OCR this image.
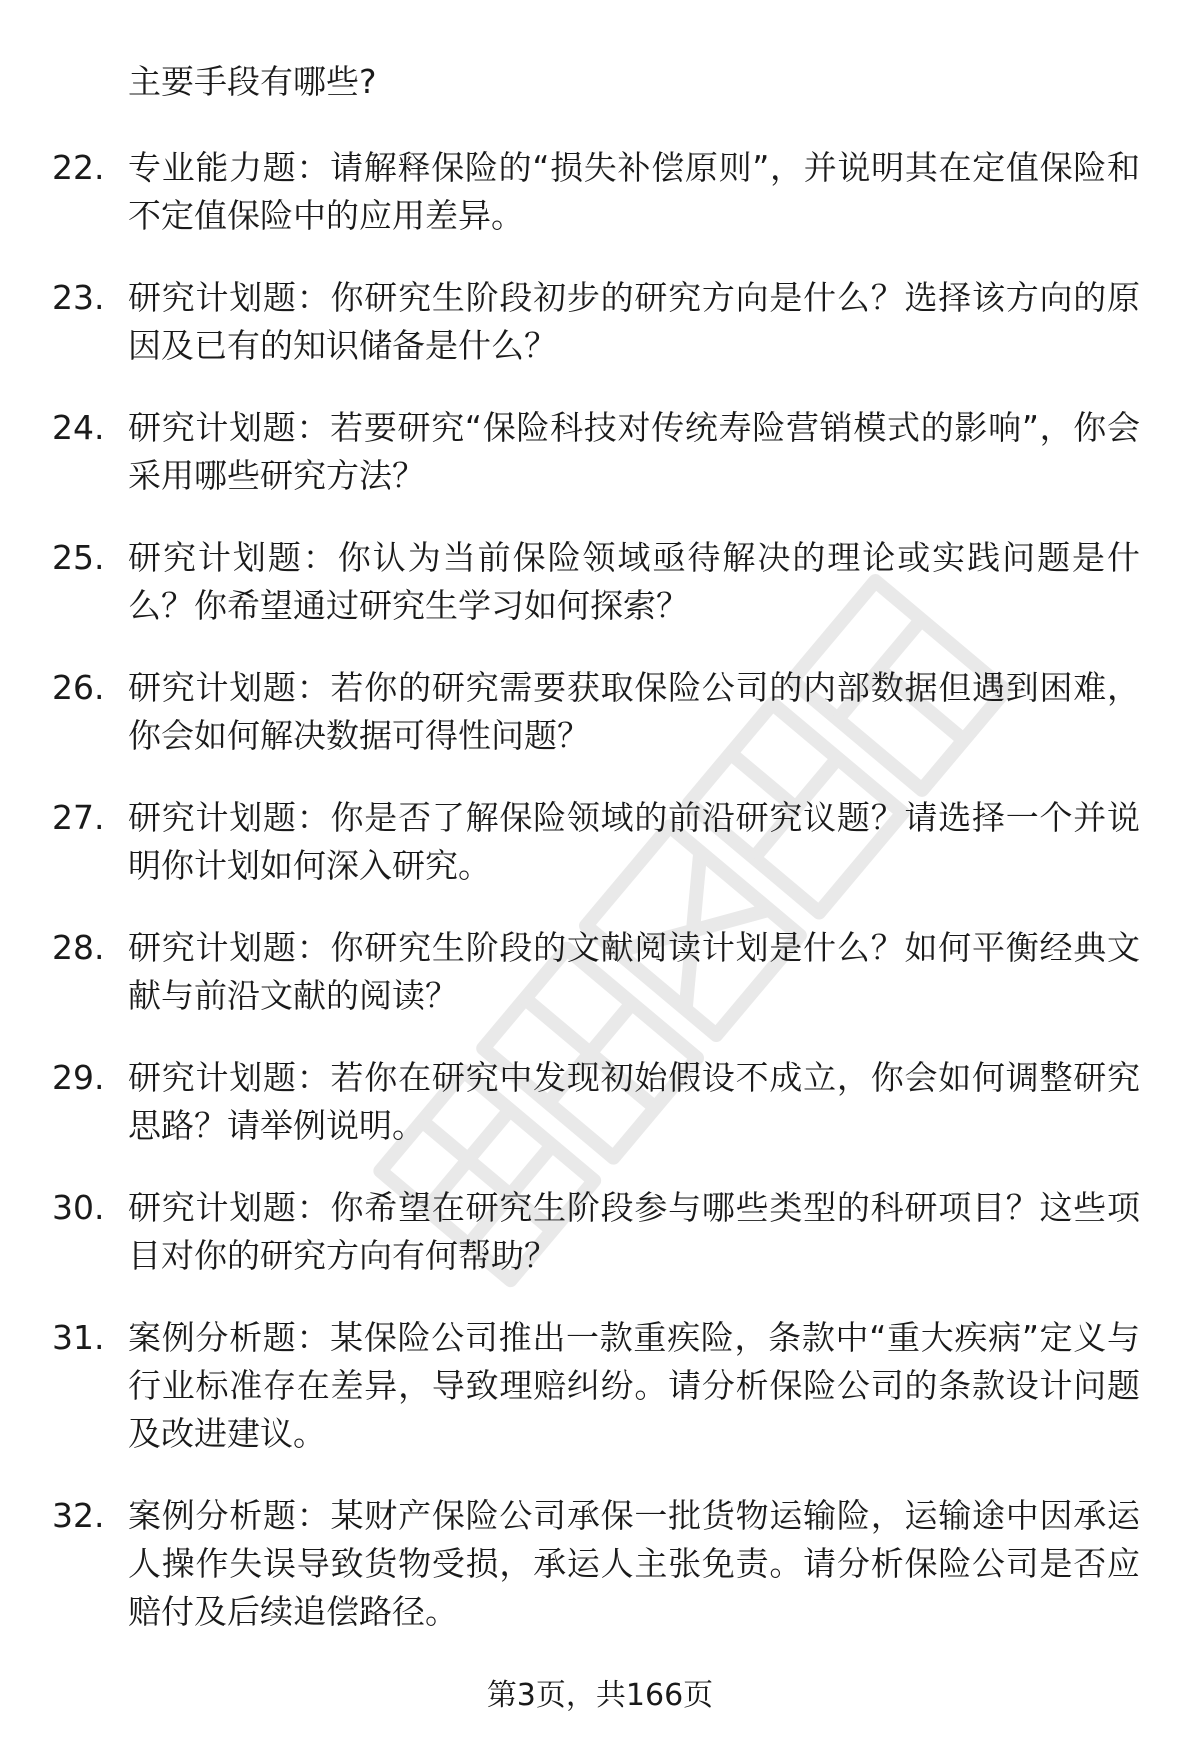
主要手段有哪些?

22. 专业能力题：请解释保险的“损失补偿原则”，并说明其在定值保险和不定值保险中的应用差异。
23. 研究计划题：你研究生阶段初步的研究方向是什么？选择该方向的原因及已有的知识储备是什么？
24. 研究计划题：若要研究“保险科技对传统寿险营销模式的影响”，你会采用哪些研究方法？
25. 研究计划题：你认为当前保险领域亟待解决的理论或实践问题是什么？你希望通过研究生学习如何探索？
26. 研究计划题：若你的研究需要获取保险公司的内部数据但遇到困难，你会如何解决数据可得性问题？
27. 研究计划题：你是否了解保险领域的前沿研究议题？请选择一个并说明你计划如何深入研究。
28. 研究计划题：你研究生阶段的文献阅读计划是什么？如何平衡经典文献与前沿文献的阅读？
29. 研究计划题：若你在研究中发现初始假设不成立，你会如何调整研究思路？请举例说明。
30. 研究计划题：你希望在研究生阶段参与哪些类型的科研项目？这些项目对你的研究方向有何帮助？
31. 案例分析题：某保险公司推出一款重疾险，条款中“重大疾病”定义与行业标准存在差异，导致理赔纠纷。请分析保险公司的条款设计问题及改进建议。
32. 案例分析题：某财产保险公司承保一批货物运输险，运输途中因承运人操作失误导致货物受损，承运人主张免责。请分析保险公司是否应赔付及后续追偿路径。
第3页，共166页
